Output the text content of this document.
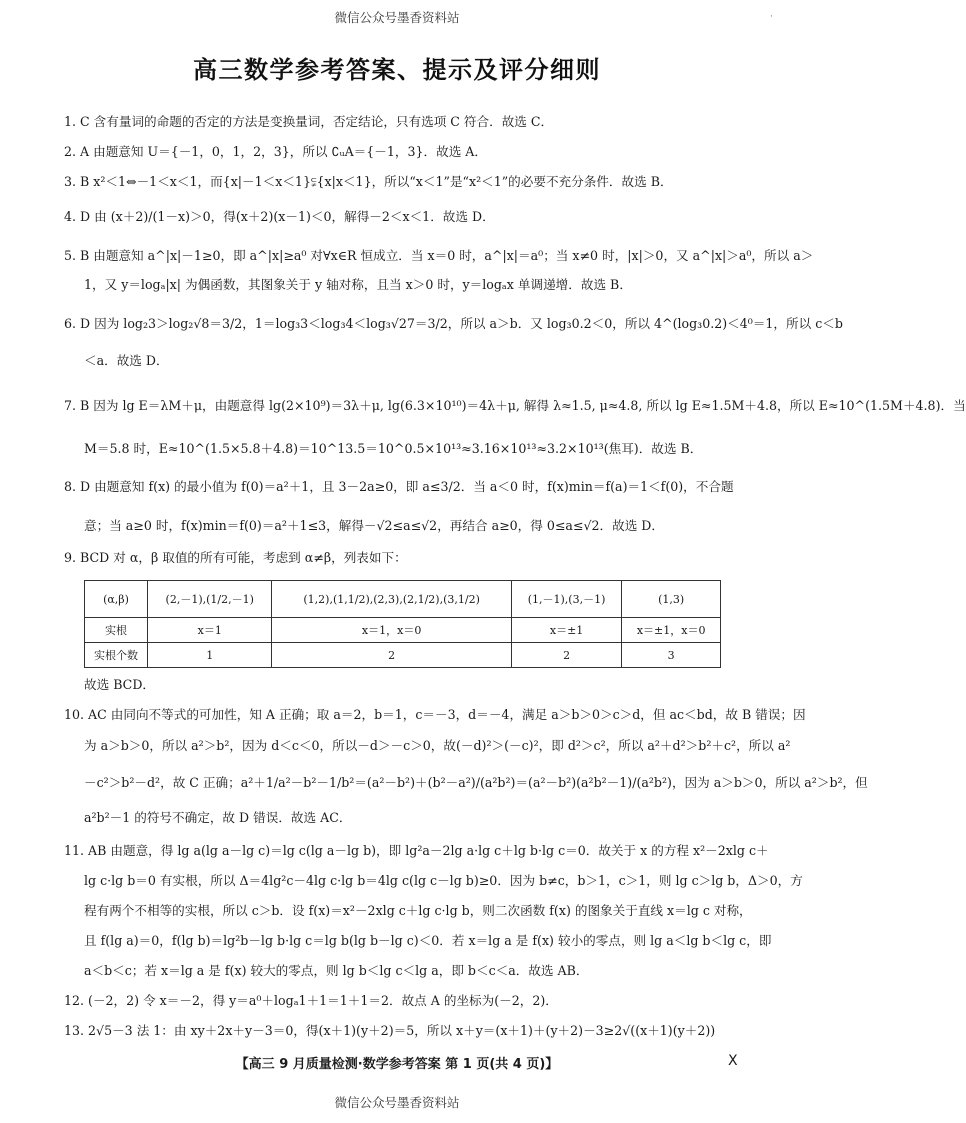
微信公众号墨香资料站	·
高三数学参考答案、提示及评分细则
1. C 含有量词的命题的否定的方法是变换量词，否定结论，只有选项 C 符合．故选 C．
2. A 由题意知 U＝{－1，0，1，2，3}，所以 ∁ᵤA＝{－1，3}．故选 A．
3. B x²＜1⇔－1＜x＜1，而{x|－1＜x＜1}⫋{x|x＜1}，所以“x＜1”是“x²＜1”的必要不充分条件．故选 B．
4. D 由 (x＋2)/(1－x)＞0，得(x＋2)(x－1)＜0，解得－2＜x＜1．故选 D．
5. B 由题意知 a^|x|－1≥0，即 a^|x|≥a⁰ 对∀x∈R 恒成立．当 x＝0 时，a^|x|＝a⁰；当 x≠0 时，|x|＞0，又 a^|x|＞a⁰，所以 a＞
1，又 y＝logₐ|x| 为偶函数，其图象关于 y 轴对称，且当 x＞0 时，y＝logₐx 单调递增．故选 B．
6. D 因为 log₂3＞log₂√8＝3/2，1＝log₃3＜log₃4＜log₃√27＝3/2，所以 a＞b．又 log₃0.2＜0，所以 4^(log₃0.2)＜4⁰＝1，所以 c＜b
＜a．故选 D．
7. B 因为 lg E＝λM＋μ，由题意得 lg(2×10⁹)＝3λ＋μ, lg(6.3×10¹⁰)＝4λ＋μ, 解得 λ≈1.5, μ≈4.8, 所以 lg E≈1.5M＋4.8，所以 E≈10^(1.5M＋4.8)．当
M＝5.8 时，E≈10^(1.5×5.8＋4.8)＝10^13.5＝10^0.5×10¹³≈3.16×10¹³≈3.2×10¹³(焦耳)．故选 B．
8. D 由题意知 f(x) 的最小值为 f(0)＝a²＋1，且 3－2a≥0，即 a≤3/2．当 a＜0 时，f(x)min＝f(a)＝1＜f(0)，不合题
意；当 a≥0 时，f(x)min＝f(0)＝a²＋1≤3，解得－√2≤a≤√2，再结合 a≥0，得 0≤a≤√2．故选 D．
9. BCD 对 α，β 取值的所有可能，考虑到 α≠β，列表如下：
(α,β)	(2,－1),(1/2,－1)	(1,2),(1,1/2),(2,3),(2,1/2),(3,1/2)	(1,－1),(3,－1)	(1,3)
实根	x＝1	x＝1，x＝0	x＝±1	x＝±1，x＝0
实根个数	1	2	2	3
故选 BCD．
10. AC 由同向不等式的可加性，知 A 正确；取 a＝2，b＝1，c＝－3，d＝－4，满足 a＞b＞0＞c＞d，但 ac＜bd，故 B 错误；因
为 a＞b＞0，所以 a²＞b²，因为 d＜c＜0，所以－d＞－c＞0，故(－d)²＞(－c)²，即 d²＞c²，所以 a²＋d²＞b²＋c²，所以 a²
－c²＞b²－d²，故 C 正确；a²＋1/a²－b²－1/b²＝(a²－b²)＋(b²－a²)/(a²b²)＝(a²－b²)(a²b²－1)/(a²b²)，因为 a＞b＞0，所以 a²＞b²，但
a²b²－1 的符号不确定，故 D 错误．故选 AC．
11. AB 由题意，得 lg a(lg a－lg c)＝lg c(lg a－lg b)，即 lg²a－2lg a·lg c＋lg b·lg c＝0．故关于 x 的方程 x²－2xlg c＋
lg c·lg b＝0 有实根，所以 Δ＝4lg²c－4lg c·lg b＝4lg c(lg c－lg b)≥0．因为 b≠c，b＞1，c＞1，则 lg c＞lg b，Δ＞0，方
程有两个不相等的实根，所以 c＞b．设 f(x)＝x²－2xlg c＋lg c·lg b，则二次函数 f(x) 的图象关于直线 x＝lg c 对称，
且 f(lg a)＝0，f(lg b)＝lg²b－lg b·lg c＝lg b(lg b－lg c)＜0．若 x＝lg a 是 f(x) 较小的零点，则 lg a＜lg b＜lg c，即
a＜b＜c；若 x＝lg a 是 f(x) 较大的零点，则 lg b＜lg c＜lg a，即 b＜c＜a．故选 AB．
12. (－2，2) 令 x＝－2，得 y＝a⁰＋logₐ1＋1＝1＋1＝2．故点 A 的坐标为(－2，2)．
13. 2√5－3 法 1：由 xy＋2x＋y－3＝0，得(x＋1)(y＋2)＝5，所以 x＋y＝(x＋1)＋(y＋2)－3≥2√((x＋1)(y＋2))
【高三 9 月质量检测·数学参考答案 第 1 页(共 4 页)】	X
微信公众号墨香资料站
